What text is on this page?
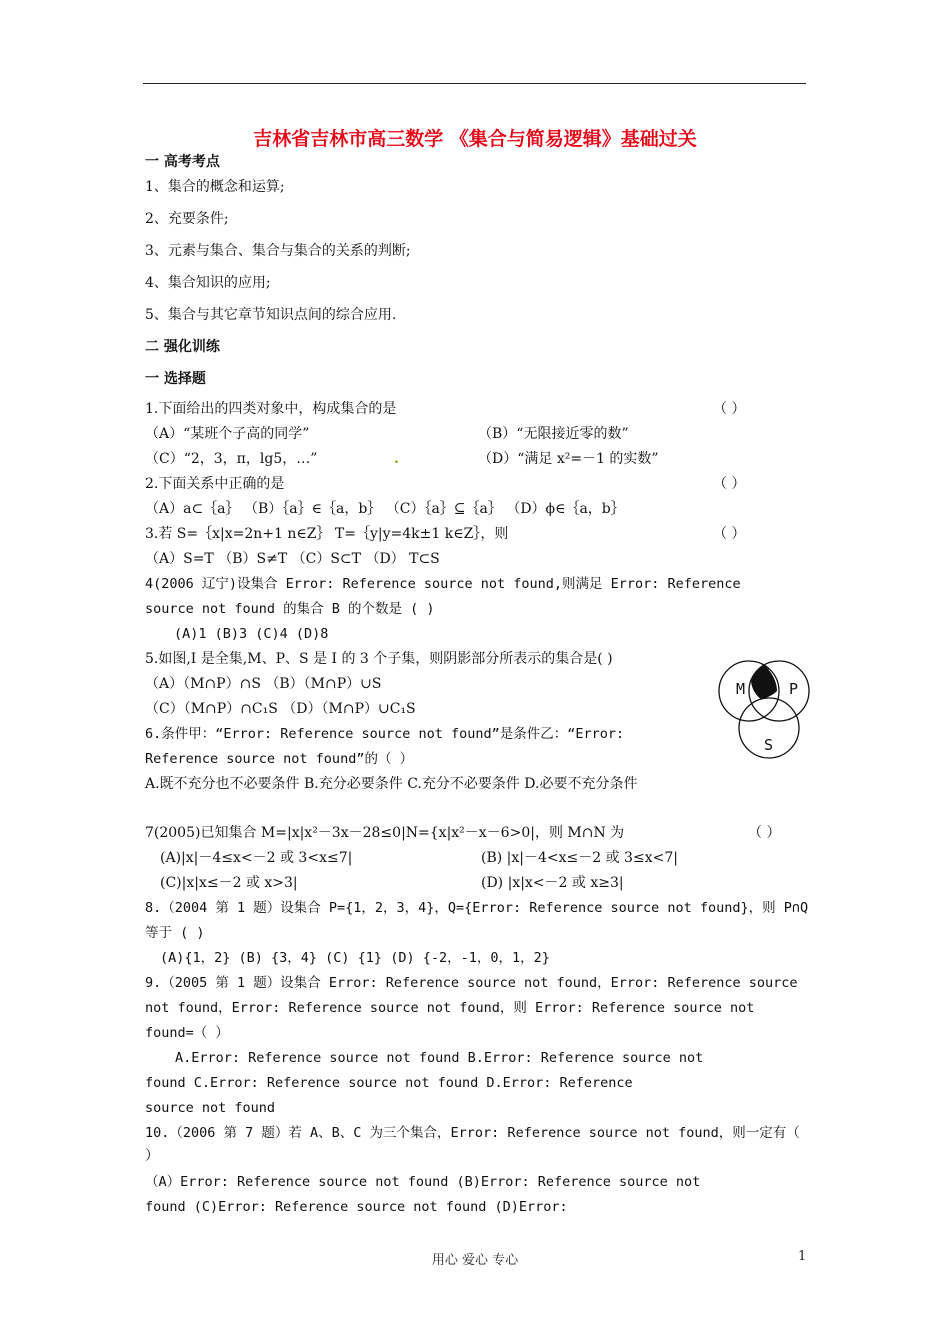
吉林省吉林市高三数学 《集合与简易逻辑》基础过关
一 高考考点
1、集合的概念和运算;
2、充要条件;
3、元素与集合、集合与集合的关系的判断;
4、集合知识的应用;
5、集合与其它章节知识点间的综合应用.
二 强化训练
一 选择题
1.下面给出的四类对象中，构成集合的是	（ ）
（A）“某班个子高的同学”	（B）“无限接近零的数”
（C）“2，3，π，lg5，…”	.	（D）“满足 x²=－1 的实数”
2.下面关系中正确的是	（ ）
（A）a⊂｛a｝ （B）｛a｝∈｛a，b｝ （C）｛a｝⊆｛a｝ （D）ϕ∈｛a，b｝
3.若 S=｛x|x=2n+1 n∈Z｝ T=｛y|y=4k±1 k∈Z｝，则	（ ）
（A）S=T （B）S≠T （C）S⊂T （D） T⊂S
4(2006 辽宁)设集合 Error: Reference source not found,则满足 Error: Reference
source not found 的集合 B 的个数是 ( )
(A)1 (B)3 (C)4 (D)8
5.如图,I 是全集,M、P、S 是 I 的 3 个子集，则阴影部分所表示的集合是( )
（A）（M∩P）∩S （B）（M∩P）∪S
（C）（M∩P）∩C₁S （D）（M∩P）∪C₁S
M	P
S
6.条件甲：“Error: Reference source not found”是条件乙：“Error:
Reference source not found”的（ ）
A.既不充分也不必要条件 B.充分必要条件 C.充分不必要条件 D.必要不充分条件
7(2005)已知集合 M=|x|x²－3x－28≤0|N={x|x²－x－6>0|，则 M∩N 为	（ ）
(A)|x|－4≤x<－2 或 3<x≤7|	(B) |x|－4<x≤－2 或 3≤x<7|
(C)|x|x≤－2 或 x>3|	(D) |x|x<－2 或 x≥3|
8.（2004 第 1 题）设集合 P={1，2，3，4}，Q={Error: Reference source not found}，则 P∩Q
等于 ( )
(A){1，2} (B) {3，4} (C) {1} (D) {-2，-1，0，1，2}
9.（2005 第 1 题）设集合 Error: Reference source not found，Error: Reference source
not found，Error: Reference source not found，则 Error: Reference source not
found=（ ）
A.Error: Reference source not found B.Error: Reference source not
found C.Error: Reference source not found D.Error: Reference
source not found
10.（2006 第 7 题）若 A、B、C 为三个集合，Error: Reference source not found，则一定有（
）
（A）Error: Reference source not found (B)Error: Reference source not
found (C)Error: Reference source not found (D)Error:
用心 爱心 专心	1
